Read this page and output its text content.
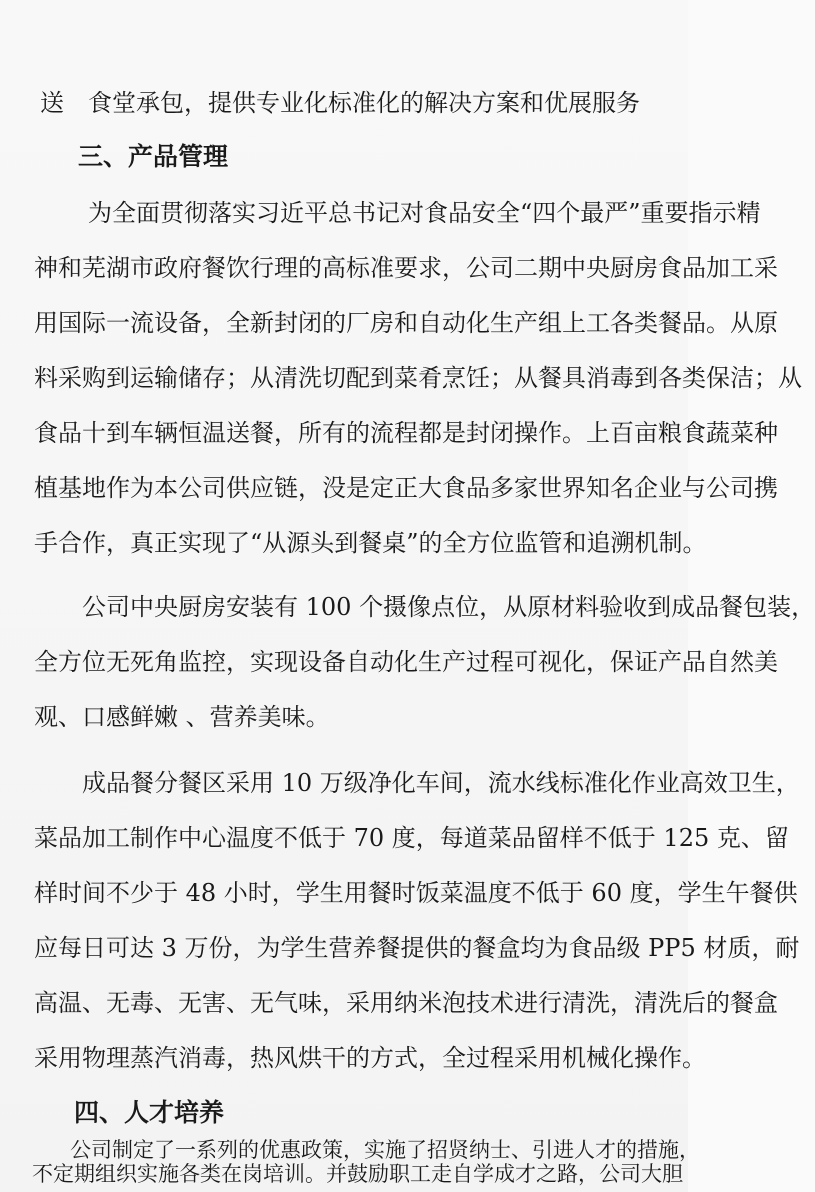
送　食堂承包，提供专业化标准化的解决方案和优展服务
三、产品管理
为全面贯彻落实习近平总书记对食品安全“四个最严”重要指示精
神和芜湖市政府餐饮行理的高标准要求，公司二期中央厨房食品加工采
用国际一流设备，全新封闭的厂房和自动化生产组上工各类餐品。从原
料采购到运输储存；从清洗切配到菜肴烹饪；从餐具消毒到各类保洁；从
食品十到车辆恒温送餐，所有的流程都是封闭操作。上百亩粮食蔬菜种
植基地作为本公司供应链，没是定正大食品多家世界知名企业与公司携
手合作，真正实现了“从源头到餐桌”的全方位监管和追溯机制。
公司中央厨房安装有 100 个摄像点位，从原材料验收到成品餐包装，
全方位无死角监控，实现设备自动化生产过程可视化，保证产品自然美
观、口感鲜嫩 、营养美味。
成品餐分餐区采用 10 万级净化车间，流水线标准化作业高效卫生，
菜品加工制作中心温度不低于 70 度，每道菜品留样不低于 125 克、留
样时间不少于 48 小时，学生用餐时饭菜温度不低于 60 度，学生午餐供
应每日可达 3 万份，为学生营养餐提供的餐盒均为食品级 PP5 材质，耐
高温、无毒、无害、无气味，采用纳米泡技术进行清洗，清洗后的餐盒
采用物理蒸汽消毒，热风烘干的方式，全过程采用机械化操作。
四、人才培养
公司制定了一系列的优惠政策，实施了招贤纳士、引进人才的措施，
不定期组织实施各类在岗培训。并鼓励职工走自学成才之路，公司大胆
